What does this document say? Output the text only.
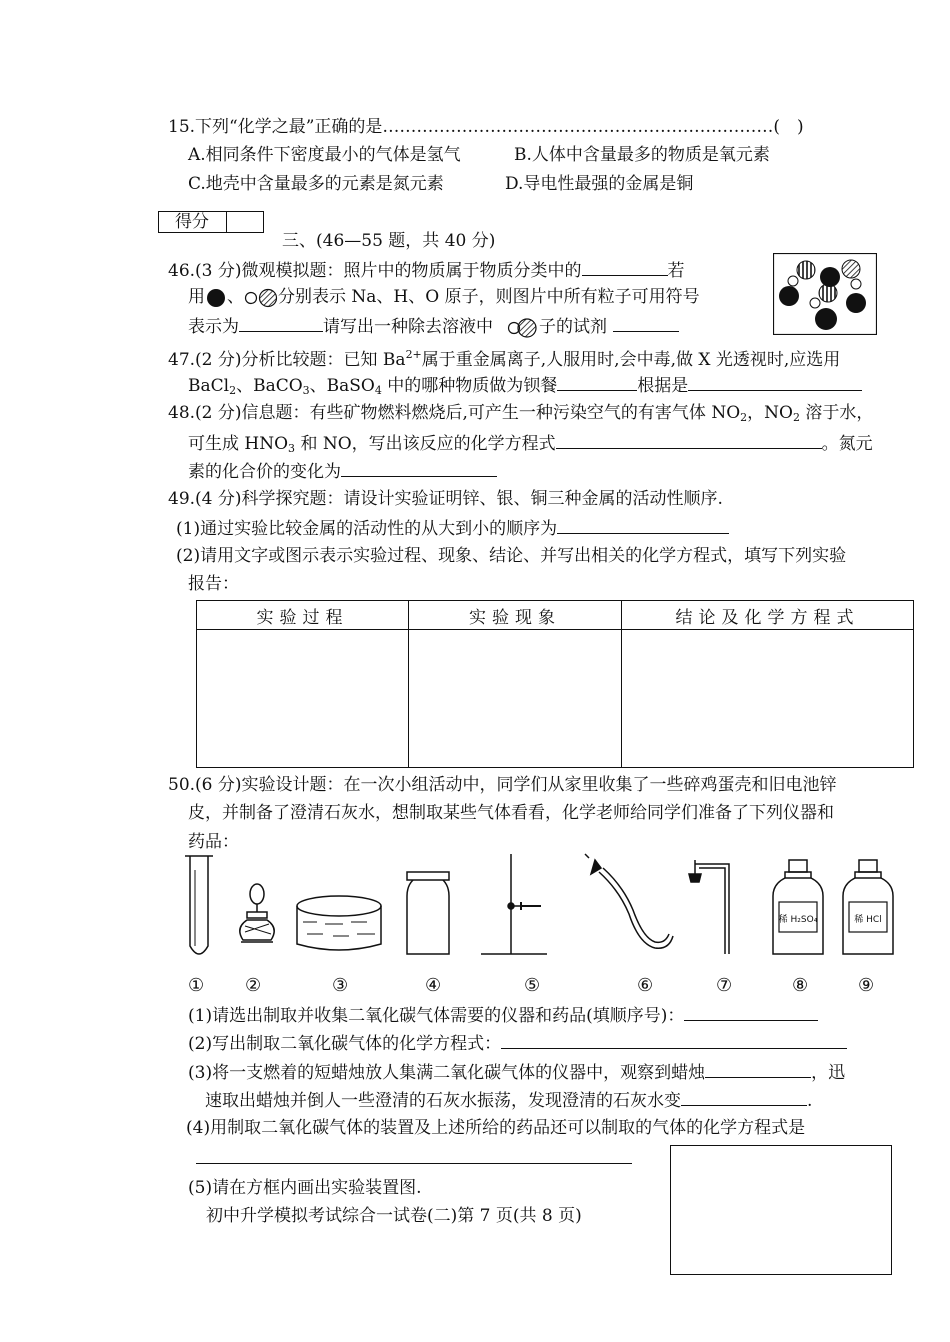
15.下列“化学之最”正确的是……………………………………………………………(　)
A.相同条件下密度最小的气体是氢气	B.人体中含量最多的物质是氧元素
C.地壳中含量最多的元素是氮元素	D.导电性最强的金属是铜
得分
三、(46—55 题，共 40 分)
46.(3 分)微观模拟题：照片中的物质属于物质分类中的	若
用 、 分别表示 Na、H、O 原子，则图片中所有粒子可用符号
表示为	请写出一种除去溶液中	子的试剂
47.(2 分)分析比较题：已知 $Ba^{2+}$属于重金属离子,人服用时,会中毒,做 X 光透视时,应选用
BaCl$_2$、BaCO$_3$、BaSO$_4$ 中的哪种物质做为钡餐	根据是
48.(2 分)信息题：有些矿物燃料燃烧后,可产生一种污染空气的有害气体 $NO_2$，$NO_2$ 溶于水，
可生成 $HNO_3$ 和 NO，写出该反应的化学方程式	。氮元
素的化合价的变化为
49.(4 分)科学探究题：请设计实验证明锌、银、铜三种金属的活动性顺序.
(1)通过实验比较金属的活动性的从大到小的顺序为
(2)请用文字或图示表示实验过程、现象、结论、并写出相关的化学方程式，填写下列实验
报告：
实验过程	实验现象	结论及化学方程式

50.(6 分)实验设计题：在一次小组活动中，同学们从家里收集了一些碎鸡蛋壳和旧电池锌
皮，并制备了澄清石灰水，想制取某些气体看看，化学老师给同学们准备了下列仪器和
药品：
稀 H₂SO₄	稀 HCl
① ②	③	④	⑤	⑥	⑦	⑧	⑨
(1)请选出制取并收集二氧化碳气体需要的仪器和药品(填顺序号)：
(2)写出制取二氧化碳气体的化学方程式：
(3)将一支燃着的短蜡烛放人集满二氧化碳气体的仪器中，观察到蜡烛	，迅
速取出蜡烛并倒人一些澄清的石灰水振荡，发现澄清的石灰水变	.
(4)用制取二氧化碳气体的装置及上述所给的药品还可以制取的气体的化学方程式是
(5)请在方框内画出实验装置图.
初中升学模拟考试综合一试卷(二)第 7 页(共 8 页)
